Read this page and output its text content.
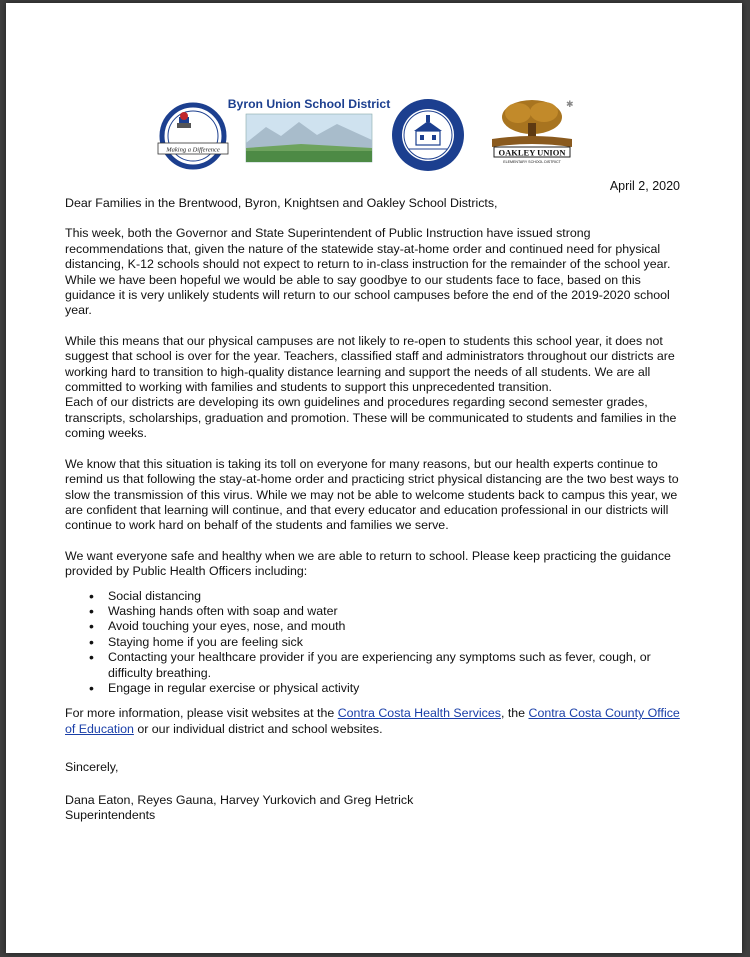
Making a Difference
Byron Union School District
OAKLEY UNION
ELEMENTARY SCHOOL DISTRICT
✱
April 2, 2020

Dear Families in the Brentwood, Byron, Knightsen and Oakley School Districts,

This week, both the Governor and State Superintendent of Public Instruction have issued strong recommendations that, given the nature of the statewide stay-at-home order and continued need for physical distancing, K-12 schools should not expect to return to in-class instruction for the remainder of the school year. While we have been hopeful we would be able to say goodbye to our students face to face, based on this guidance it is very unlikely students will return to our school campuses before the end of the 2019-2020 school year.

While this means that our physical campuses are not likely to re-open to students this school year, it does not suggest that school is over for the year. Teachers, classified staff and administrators throughout our districts are working hard to transition to high-quality distance learning and support the needs of all students. We are all committed to working with families and students to support this unprecedented transition.

Each of our districts are developing its own guidelines and procedures regarding second semester grades, transcripts, scholarships, graduation and promotion. These will be communicated to students and families in the coming weeks.

We know that this situation is taking its toll on everyone for many reasons, but our health experts continue to remind us that following the stay-at-home order and practicing strict physical distancing are the two best ways to slow the transmission of this virus. While we may not be able to welcome students back to campus this year, we are confident that learning will continue, and that every educator and education professional in our districts will continue to work hard on behalf of the students and families we serve.

We want everyone safe and healthy when we are able to return to school. Please keep practicing the guidance provided by Public Health Officers including:

• Social distancing
• Washing hands often with soap and water
• Avoid touching your eyes, nose, and mouth
• Staying home if you are feeling sick
• Contacting your healthcare provider if you are experiencing any symptoms such as fever, cough, or difficulty breathing.
• Engage in regular exercise or physical activity

For more information, please visit websites at the Contra Costa Health Services, the Contra Costa County Office of Education or our individual district and school websites.

Sincerely,

Dana Eaton, Reyes Gauna, Harvey Yurkovich and Greg Hetrick

Superintendents
